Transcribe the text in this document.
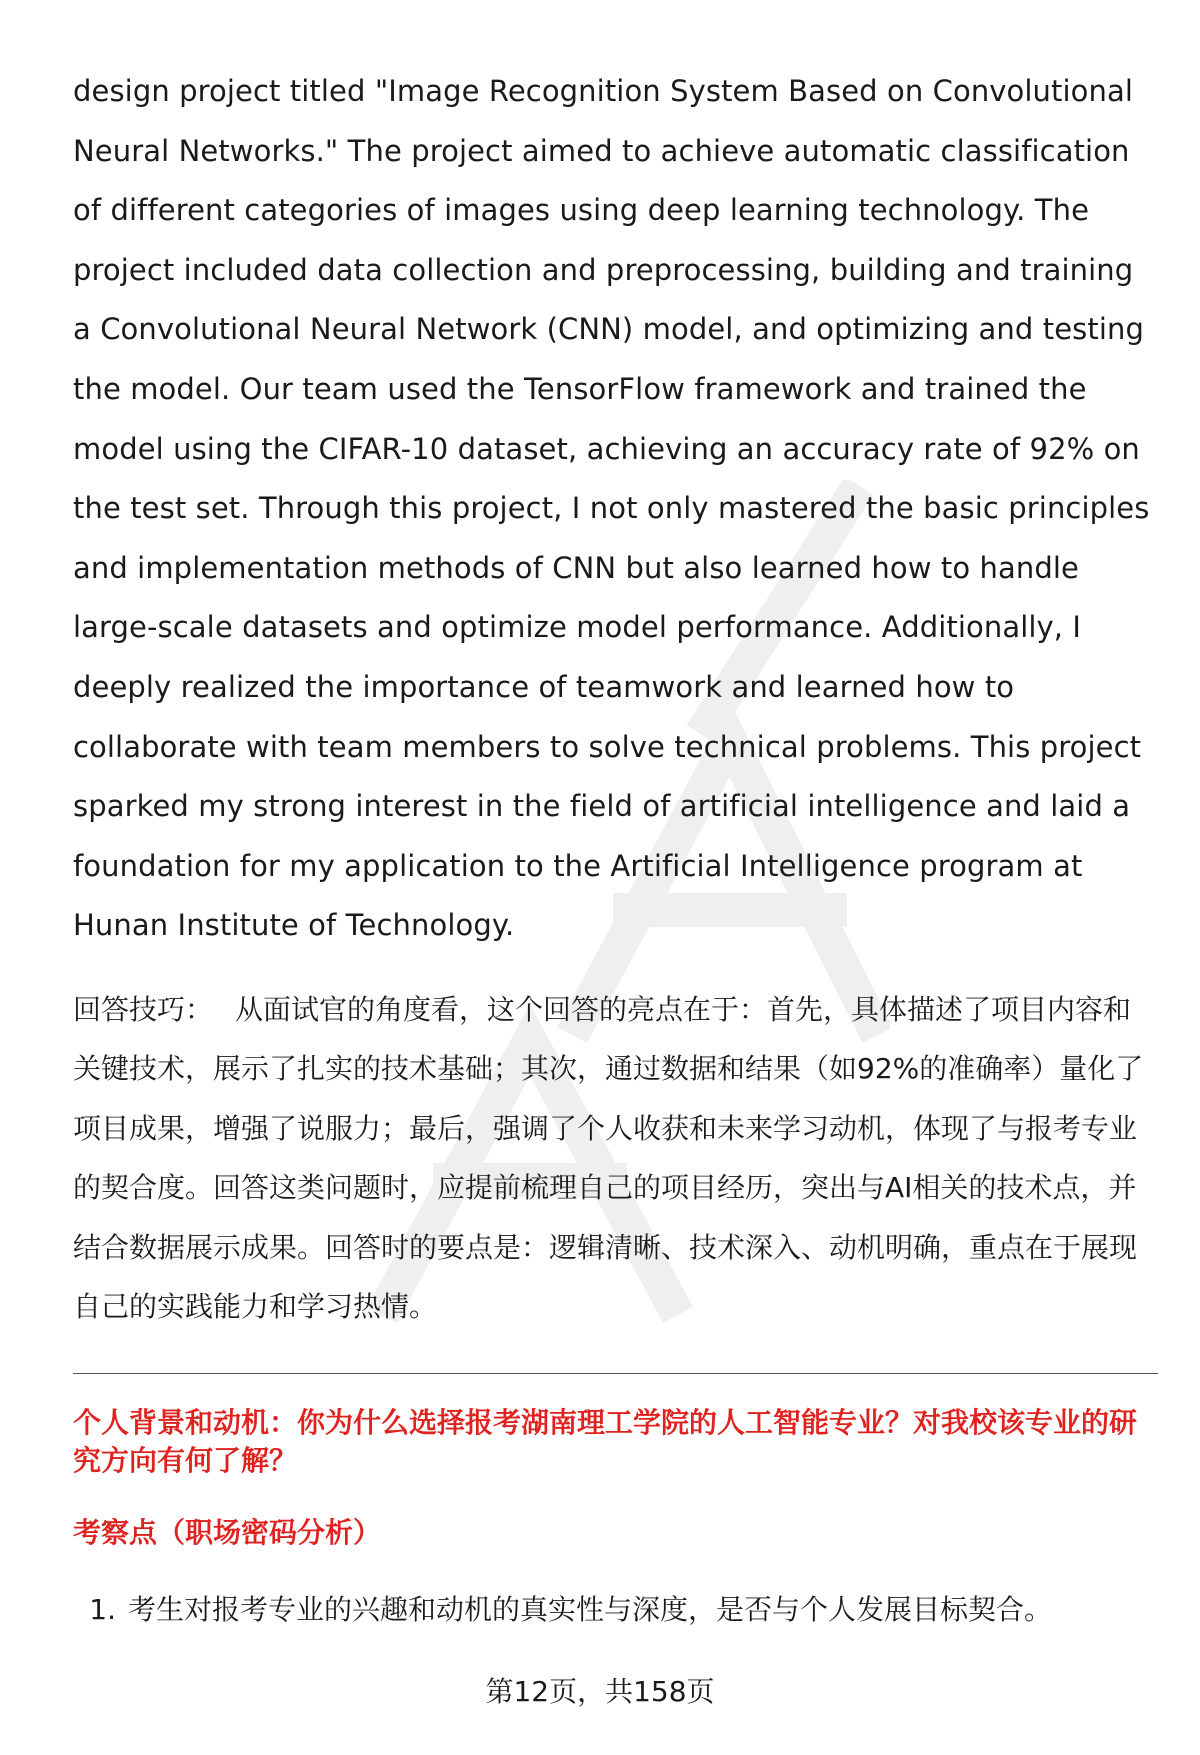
design project titled "Image Recognition System Based on Convolutional Neural Networks." The project aimed to achieve automatic classification of different categories of images using deep learning technology. The project included data collection and preprocessing, building and training a Convolutional Neural Network (CNN) model, and optimizing and testing the model. Our team used the TensorFlow framework and trained the model using the CIFAR-10 dataset, achieving an accuracy rate of 92% on the test set. Through this project, I not only mastered the basic principles and implementation methods of CNN but also learned how to handle large-scale datasets and optimize model performance. Additionally, I deeply realized the importance of teamwork and learned how to collaborate with team members to solve technical problems. This project sparked my strong interest in the field of artificial intelligence and laid a foundation for my application to the Artificial Intelligence program at Hunan Institute of Technology.

回答技巧： 从面试官的角度看，这个回答的亮点在于：首先，具体描述了项目内容和关键技术，展示了扎实的技术基础；其次，通过数据和结果（如92%的准确率）量化了项目成果，增强了说服力；最后，强调了个人收获和未来学习动机，体现了与报考专业的契合度。回答这类问题时，应提前梳理自己的项目经历，突出与AI相关的技术点，并结合数据展示成果。回答时的要点是：逻辑清晰、技术深入、动机明确，重点在于展现自己的实践能力和学习热情。

个人背景和动机：你为什么选择报考湖南理工学院的人工智能专业？对我校该专业的研究方向有何了解？
考察点（职场密码分析）
1. 考生对报考专业的兴趣和动机的真实性与深度，是否与个人发展目标契合。
第12页，共158页
